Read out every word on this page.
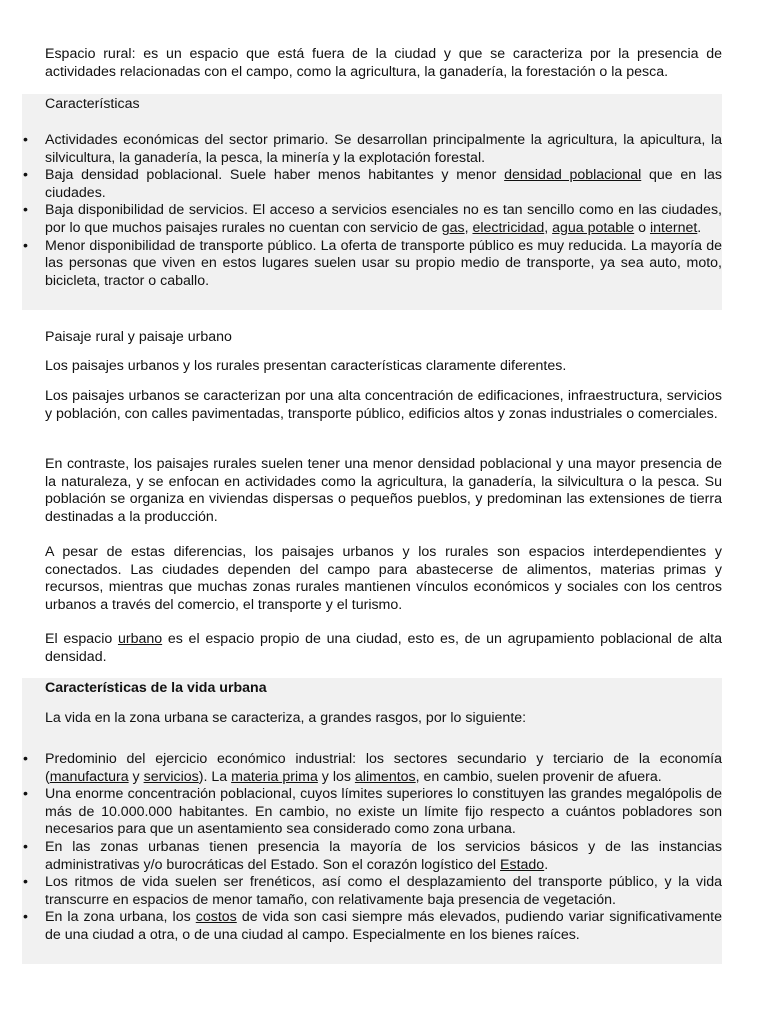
Espacio rural: es un espacio que está fuera de la ciudad y que se caracteriza por la presencia de actividades relacionadas con el campo, como la agricultura, la ganadería, la forestación o la pesca.

Características
• Actividades económicas del sector primario. Se desarrollan principalmente la agricultura, la apicultura, la silvicultura, la ganadería, la pesca, la minería y la explotación forestal.
• Baja densidad poblacional. Suele haber menos habitantes y menor densidad poblacional que en las ciudades.
• Baja disponibilidad de servicios. El acceso a servicios esenciales no es tan sencillo como en las ciudades, por lo que muchos paisajes rurales no cuentan con servicio de gas, electricidad, agua potable o internet.
• Menor disponibilidad de transporte público. La oferta de transporte público es muy reducida. La mayoría de las personas que viven en estos lugares suelen usar su propio medio de transporte, ya sea auto, moto, bicicleta, tractor o caballo.
Paisaje rural y paisaje urbano

Los paisajes urbanos y los rurales presentan características claramente diferentes.

Los paisajes urbanos se caracterizan por una alta concentración de edificaciones, infraestructura, servicios y población, con calles pavimentadas, transporte público, edificios altos y zonas industriales o comerciales.

En contraste, los paisajes rurales suelen tener una menor densidad poblacional y una mayor presencia de la naturaleza, y se enfocan en actividades como la agricultura, la ganadería, la silvicultura o la pesca. Su población se organiza en viviendas dispersas o pequeños pueblos, y predominan las extensiones de tierra destinadas a la producción.

A pesar de estas diferencias, los paisajes urbanos y los rurales son espacios interdependientes y conectados. Las ciudades dependen del campo para abastecerse de alimentos, materias primas y recursos, mientras que muchas zonas rurales mantienen vínculos económicos y sociales con los centros urbanos a través del comercio, el transporte y el turismo.

El espacio urbano es el espacio propio de una ciudad, esto es, de un agrupamiento poblacional de alta densidad.

Características de la vida urbana
La vida en la zona urbana se caracteriza, a grandes rasgos, por lo siguiente:
• Predominio del ejercicio económico industrial: los sectores secundario y terciario de la economía (manufactura y servicios). La materia prima y los alimentos, en cambio, suelen provenir de afuera.
• Una enorme concentración poblacional, cuyos límites superiores lo constituyen las grandes megalópolis de más de 10.000.000 habitantes. En cambio, no existe un límite fijo respecto a cuántos pobladores son necesarios para que un asentamiento sea considerado como zona urbana.
• En las zonas urbanas tienen presencia la mayoría de los servicios básicos y de las instancias administrativas y/o burocráticas del Estado. Son el corazón logístico del Estado.
• Los ritmos de vida suelen ser frenéticos, así como el desplazamiento del transporte público, y la vida transcurre en espacios de menor tamaño, con relativamente baja presencia de vegetación.
• En la zona urbana, los costos de vida son casi siempre más elevados, pudiendo variar significativamente de una ciudad a otra, o de una ciudad al campo. Especialmente en los bienes raíces.
